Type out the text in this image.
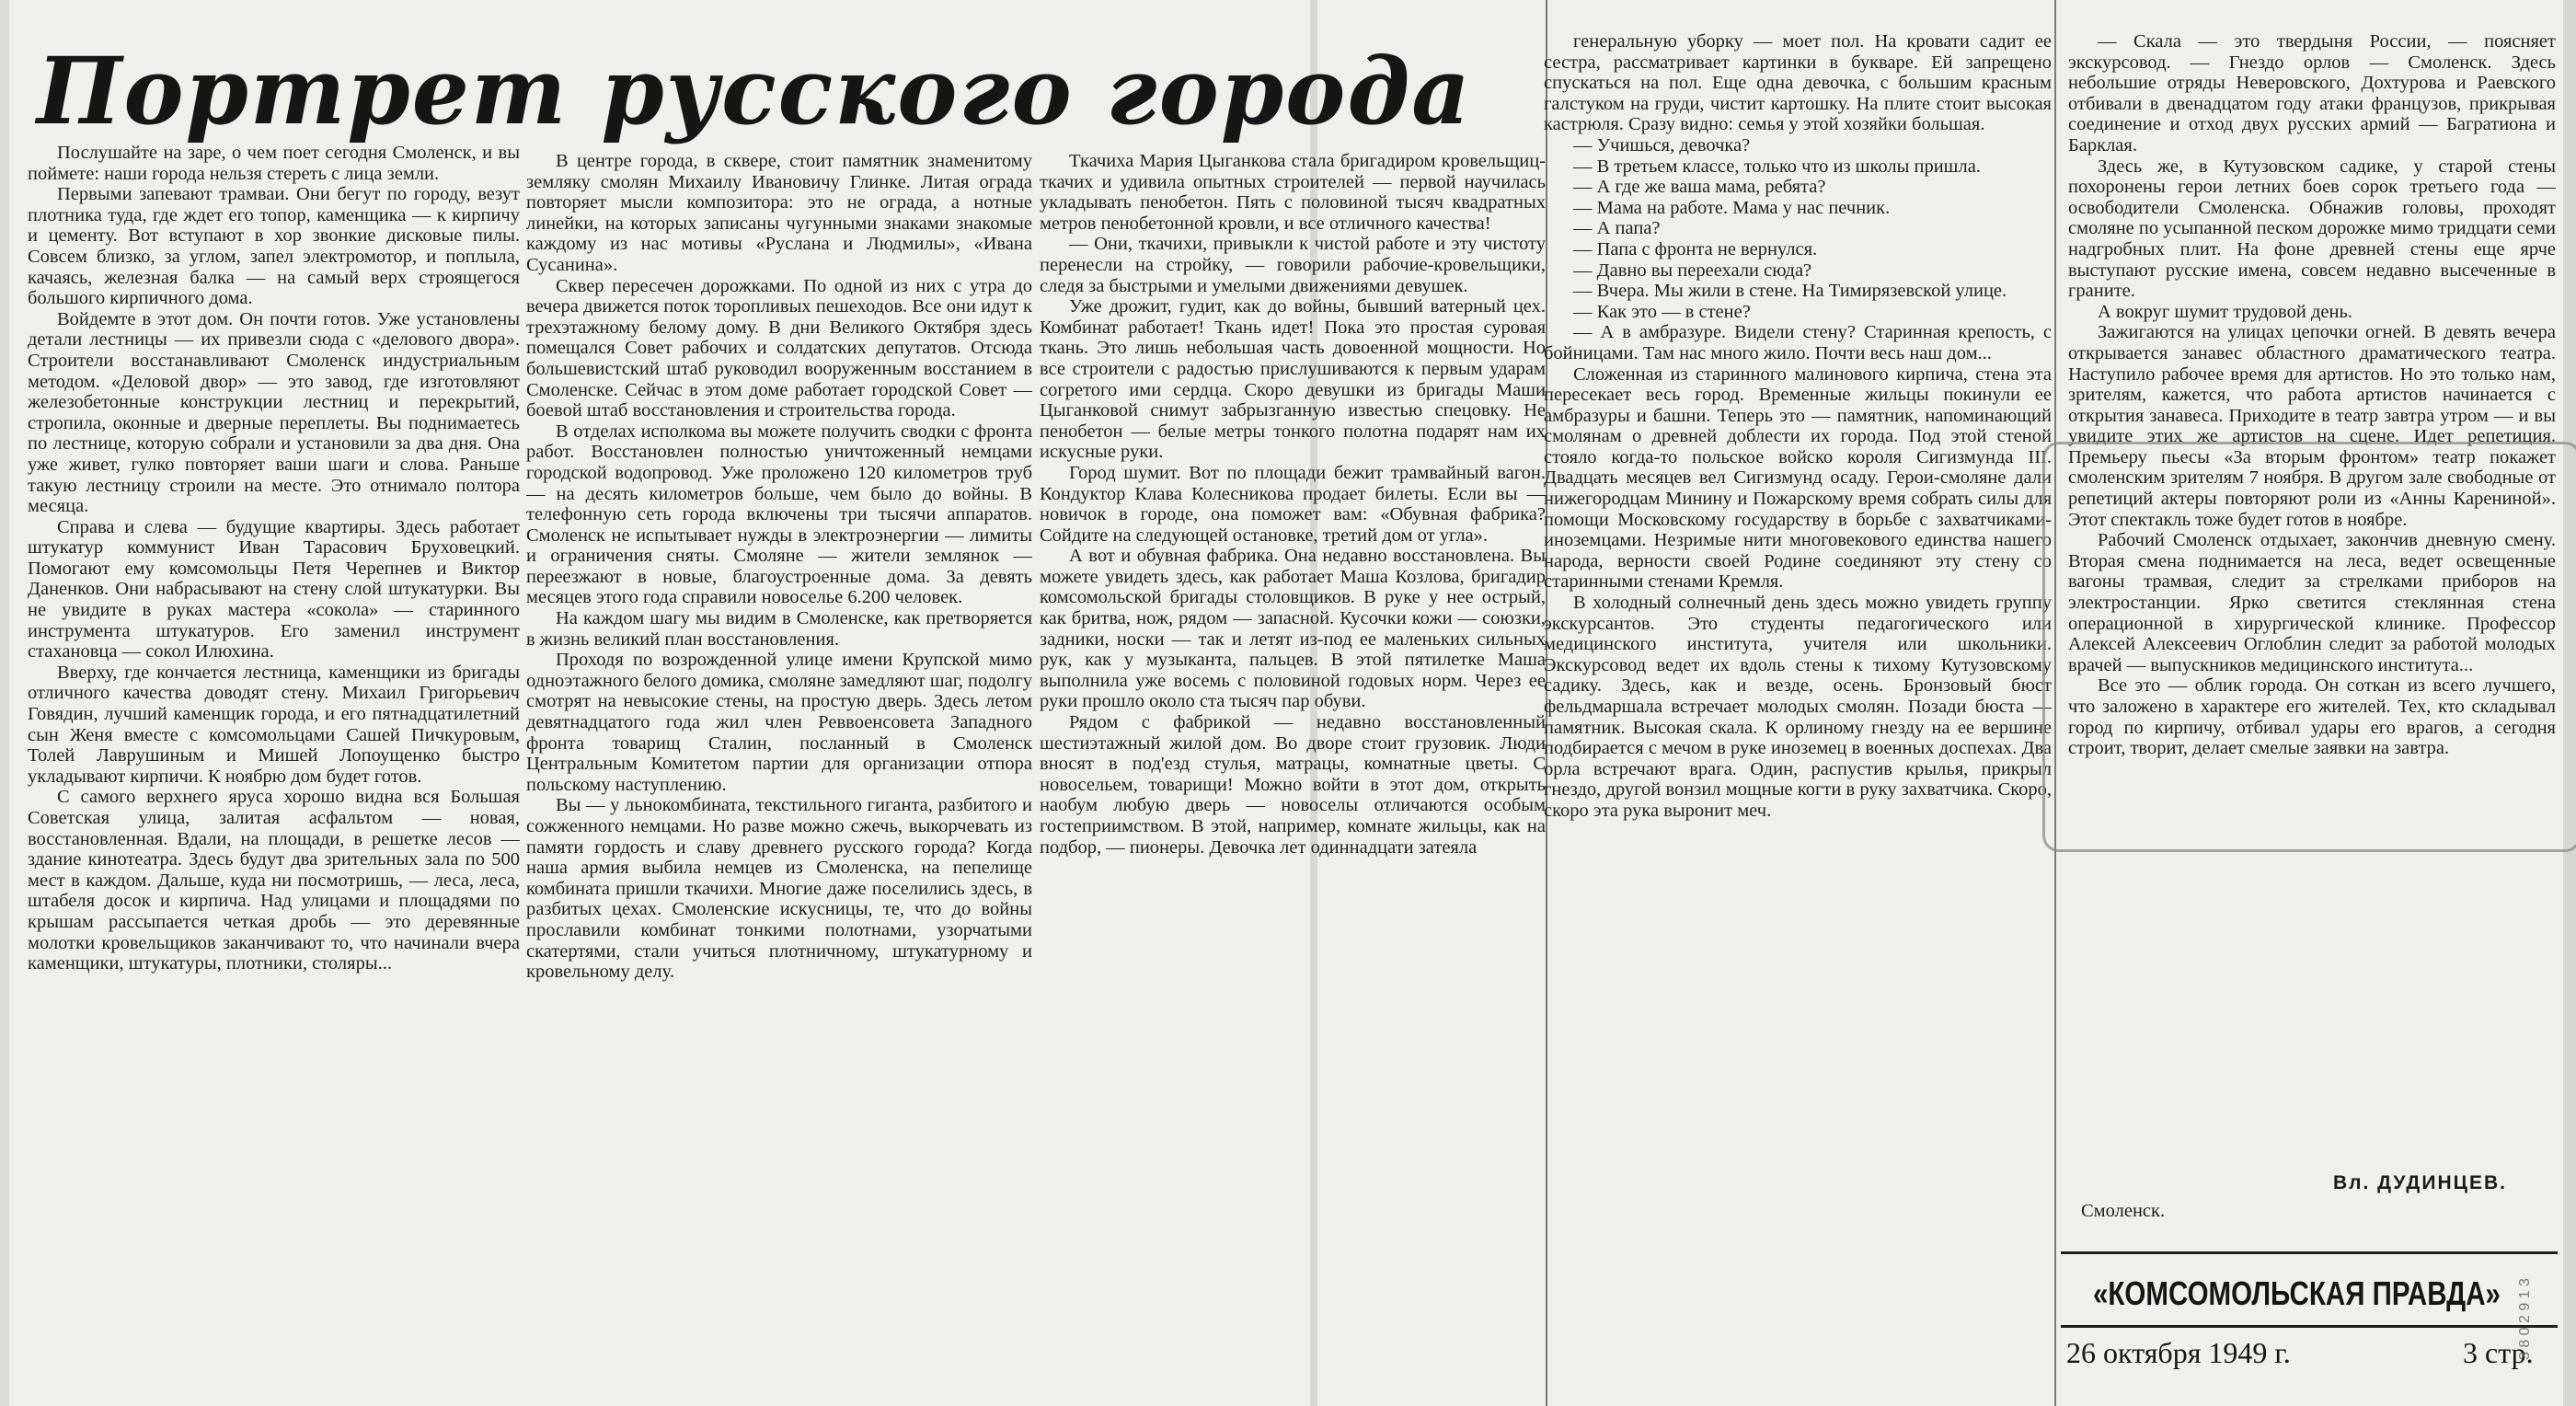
Портрет русского города

Послушайте на заре, о чем поет сегодня Смоленск, и вы поймете: наши города нельзя стереть с лица земли.

Первыми запевают трамваи. Они бегут по городу, везут плотника туда, где ждет его топор, каменщика — к кирпичу и цементу. Вот вступают в хор звонкие дисковые пилы. Совсем близко, за углом, запел электромотор, и поплыла, качаясь, железная балка — на самый верх строящегося большого кирпичного дома.

Войдемте в этот дом. Он почти готов. Уже установлены детали лестницы — их привезли сюда с «делового двора». Строители восстанавливают Смоленск индустриальным методом. «Деловой двор» — это завод, где изготовляют железобетонные конструкции лестниц и перекрытий, стропила, оконные и дверные переплеты. Вы поднимаетесь по лестнице, которую собрали и установили за два дня. Она уже живет, гулко повторяет ваши шаги и слова. Раньше такую лестницу строили на месте. Это отнимало полтора месяца.

Справа и слева — будущие квартиры. Здесь работает штукатур коммунист Иван Тарасович Бруховецкий. Помогают ему комсомольцы Петя Черепнев и Виктор Даненков. Они набрасывают на стену слой штукатурки. Вы не увидите в руках мастера «сокола» — старинного инструмента штукатуров. Его заменил инструмент стахановца — сокол Илюхина.

Вверху, где кончается лестница, каменщики из бригады отличного качества доводят стену. Михаил Григорьевич Говядин, лучший каменщик города, и его пятнадцатилетний сын Женя вместе с комсомольцами Сашей Пичкуровым, Толей Лаврушиным и Мишей Лопоущенко быстро укладывают кирпичи. К ноябрю дом будет готов.

С самого верхнего яруса хорошо видна вся Большая Советская улица, залитая асфальтом — новая, восстановленная. Вдали, на площади, в решетке лесов — здание кинотеатра. Здесь будут два зрительных зала по 500 мест в каждом. Дальше, куда ни посмотришь, — леса, леса, штабеля досок и кирпича. Над улицами и площадями по крышам рассыпается четкая дробь — это деревянные молотки кровельщиков заканчивают то, что начинали вчера каменщики, штукатуры, плотники, столяры...

В центре города, в сквере, стоит памятник знаменитому земляку смолян Михаилу Ивановичу Глинке. Литая ограда повторяет мысли композитора: это не ограда, а нотные линейки, на которых записаны чугунными знаками знакомые каждому из нас мотивы «Руслана и Людмилы», «Ивана Сусанина».

Сквер пересечен дорожками. По одной из них с утра до вечера движется поток торопливых пешеходов. Все они идут к трехэтажному белому дому. В дни Великого Октября здесь помещался Совет рабочих и солдатских депутатов. Отсюда большевистский штаб руководил вооруженным восстанием в Смоленске. Сейчас в этом доме работает городской Совет — боевой штаб восстановления и строительства города.

В отделах исполкома вы можете получить сводки с фронта работ. Восстановлен полностью уничтоженный немцами городской водопровод. Уже проложено 120 километров труб — на десять километров больше, чем было до войны. В телефонную сеть города включены три тысячи аппаратов. Смоленск не испытывает нужды в электроэнергии — лимиты и ограничения сняты. Смоляне — жители землянок — переезжают в новые, благоустроенные дома. За девять месяцев этого года справили новоселье 6.200 человек.

На каждом шагу мы видим в Смоленске, как претворяется в жизнь великий план восстановления.

Проходя по возрожденной улице имени Крупской мимо одноэтажного белого домика, смоляне замедляют шаг, подолгу смотрят на невысокие стены, на простую дверь. Здесь летом девятнадцатого года жил член Реввоенсовета Западного фронта товарищ Сталин, посланный в Смоленск Центральным Комитетом партии для организации отпора польскому наступлению.

Вы — у льнокомбината, текстильного гиганта, разбитого и сожженного немцами. Но разве можно сжечь, выкорчевать из памяти гордость и славу древнего русского города? Когда наша армия выбила немцев из Смоленска, на пепелище комбината пришли ткачихи. Многие даже поселились здесь, в разбитых цехах. Смоленские искусницы, те, что до войны прославили комбинат тонкими полотнами, узорчатыми скатертями, стали учиться плотничному, штукатурному и кровельному делу.

Ткачиха Мария Цыганкова стала бригадиром кровельщиц-ткачих и удивила опытных строителей — первой научилась укладывать пенобетон. Пять с половиной тысяч квадратных метров пенобетонной кровли, и все отличного качества!

— Они, ткачихи, привыкли к чистой работе и эту чистоту перенесли на стройку, — говорили рабочие-кровельщики, следя за быстрыми и умелыми движениями девушек.

Уже дрожит, гудит, как до войны, бывший ватерный цех. Комбинат работает! Ткань идет! Пока это простая суровая ткань. Это лишь небольшая часть довоенной мощности. Но все строители с радостью прислушиваются к первым ударам согретого ими сердца. Скоро девушки из бригады Маши Цыганковой снимут забрызганную известью спецовку. Не пенобетон — белые метры тонкого полотна подарят нам их искусные руки.

Город шумит. Вот по площади бежит трамвайный вагон. Кондуктор Клава Колесникова продает билеты. Если вы — новичок в городе, она поможет вам: «Обувная фабрика? Сойдите на следующей остановке, третий дом от угла».

А вот и обувная фабрика. Она недавно восстановлена. Вы можете увидеть здесь, как работает Маша Козлова, бригадир комсомольской бригады столовщиков. В руке у нее острый, как бритва, нож, рядом — запасной. Кусочки кожи — союзки, задники, носки — так и летят из-под ее маленьких сильных рук, как у музыканта, пальцев. В этой пятилетке Маша выполнила уже восемь с половиной годовых норм. Через ее руки прошло около ста тысяч пар обуви.

Рядом с фабрикой — недавно восстановленный шестиэтажный жилой дом. Во дворе стоит грузовик. Люди вносят в под'езд стулья, матрацы, комнатные цветы. С новосельем, товарищи! Можно войти в этот дом, открыть наобум любую дверь — новоселы отличаются особым гостеприимством. В этой, например, комнате жильцы, как на подбор, — пионеры. Девочка лет одиннадцати затеяла

генеральную уборку — моет пол. На кровати садит ее сестра, рассматривает картинки в букваре. Ей запрещено спускаться на пол. Еще одна девочка, с большим красным галстуком на груди, чистит картошку. На плите стоит высокая кастрюля. Сразу видно: семья у этой хозяйки большая.

— Учишься, девочка?

— В третьем классе, только что из школы пришла.

— А где же ваша мама, ребята?

— Мама на работе. Мама у нас печник.

— А папа?

— Папа с фронта не вернулся.

— Давно вы переехали сюда?

— Вчера. Мы жили в стене. На Тимирязевской улице.

— Как это — в стене?

— А в амбразуре. Видели стену? Старинная крепость, с бойницами. Там нас много жило. Почти весь наш дом...

Сложенная из старинного малинового кирпича, стена эта пересекает весь город. Временные жильцы покинули ее амбразуры и башни. Теперь это — памятник, напоминающий смолянам о древней доблести их города. Под этой стеной стояло когда-то польское войско короля Сигизмунда III. Двадцать месяцев вел Сигизмунд осаду. Герои-смоляне дали нижегородцам Минину и Пожарскому время собрать силы для помощи Московскому государству в борьбе с захватчиками-иноземцами. Незримые нити многовекового единства нашего народа, верности своей Родине соединяют эту стену со старинными стенами Кремля.

В холодный солнечный день здесь можно увидеть группу экскурсантов. Это студенты педагогического или медицинского института, учителя или школьники. Экскурсовод ведет их вдоль стены к тихому Кутузовскому садику. Здесь, как и везде, осень. Бронзовый бюст фельдмаршала встречает молодых смолян. Позади бюста — памятник. Высокая скала. К орлиному гнезду на ее вершине подбирается с мечом в руке иноземец в военных доспехах. Два орла встречают врага. Один, распустив крылья, прикрыл гнездо, другой вонзил мощные когти в руку захватчика. Скоро, скоро эта рука выронит меч.

— Скала — это твердыня России, — поясняет экскурсовод. — Гнездо орлов — Смоленск. Здесь небольшие отряды Неверовского, Дохтурова и Раевского отбивали в двенадцатом году атаки французов, прикрывая соединение и отход двух русских армий — Багратиона и Барклая.

Здесь же, в Кутузовском садике, у старой стены похоронены герои летних боев сорок третьего года — освободители Смоленска. Обнажив головы, проходят смоляне по усыпанной песком дорожке мимо тридцати семи надгробных плит. На фоне древней стены еще ярче выступают русские имена, совсем недавно высеченные в граните.

А вокруг шумит трудовой день.

Зажигаются на улицах цепочки огней. В девять вечера открывается занавес областного драматического театра. Наступило рабочее время для артистов. Но это только нам, зрителям, кажется, что работа артистов начинается с открытия занавеса. Приходите в театр завтра утром — и вы увидите этих же артистов на сцене. Идет репетиция. Премьеру пьесы «За вторым фронтом» театр покажет смоленским зрителям 7 ноября. В другом зале свободные от репетиций актеры повторяют роли из «Анны Карениной». Этот спектакль тоже будет готов в ноябре.

Рабочий Смоленск отдыхает, закончив дневную смену. Вторая смена поднимается на леса, ведет освещенные вагоны трамвая, следит за стрелками приборов на электростанции. Ярко светится стеклянная стена операционной в хирургической клинике. Профессор Алексей Алексеевич Оглоблин следит за работой молодых врачей — выпускников медицинского института...

Все это — облик города. Он соткан из всего лучшего, что заложено в характере его жителей. Тех, кто складывал город по кирпичу, отбивал удары его врагов, а сегодня строит, творит, делает смелые заявки на завтра.

Вл. ДУДИНЦЕВ.
Смоленск.
«КОМСОМОЛЬСКАЯ ПРАВДА»
26 октября 1949 г.	3 стр.
3 8 0 2 9 1 3
